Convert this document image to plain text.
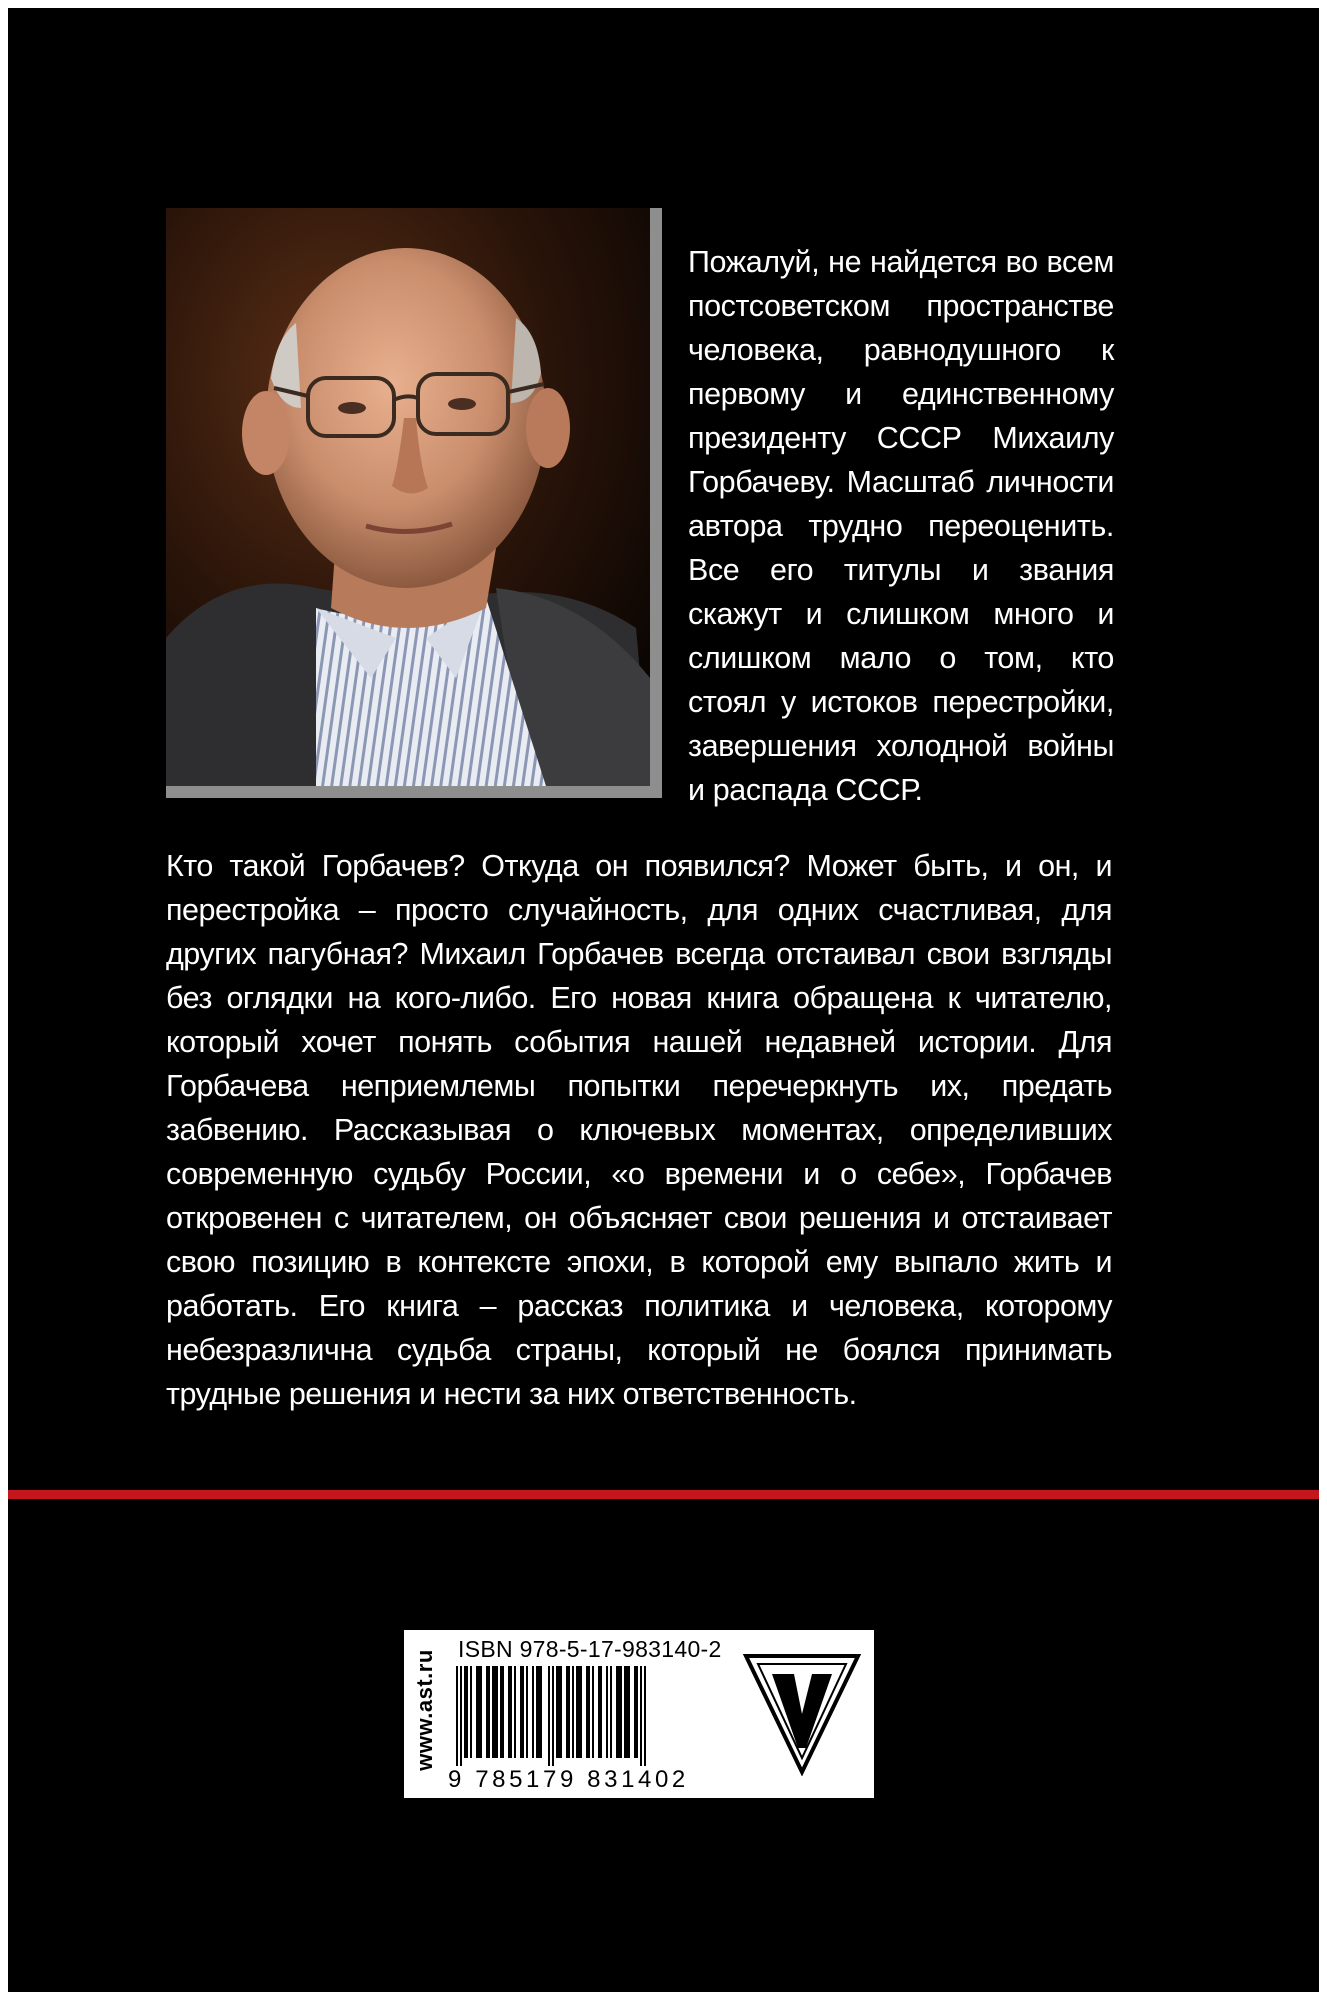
Пожалуй, не найдется во всем постсоветском пространстве человека, равнодушного к первому и единственному президенту СССР Михаилу Горбачеву. Масштаб личности автора трудно переоценить. Все его титулы и звания скажут и слишком много и слишком мало о том, кто стоял у истоков перестройки, завершения холодной войны и распада СССР.
Кто такой Горбачев? Откуда он появился? Может быть, и он, и перестройка – просто случайность, для одних счастливая, для других пагубная? Михаил Горбачев всегда отстаивал свои взгляды без оглядки на кого-либо. Его новая книга обращена к читателю, который хочет понять события нашей недавней истории. Для Горбачева неприемлемы попытки перечеркнуть их, предать забвению. Рассказывая о ключевых моментах, определивших современную судьбу России, «о времени и о себе», Горбачев откровенен с читателем, он объясняет свои решения и отстаивает свою позицию в контексте эпохи, в которой ему выпало жить и работать. Его книга – рассказ политика и человека, которому небезразлична судьба страны, который не боялся принимать трудные решения и нести за них ответственность.
www.ast.ru
ISBN 978-5-17-983140-2
9 785179 831402
